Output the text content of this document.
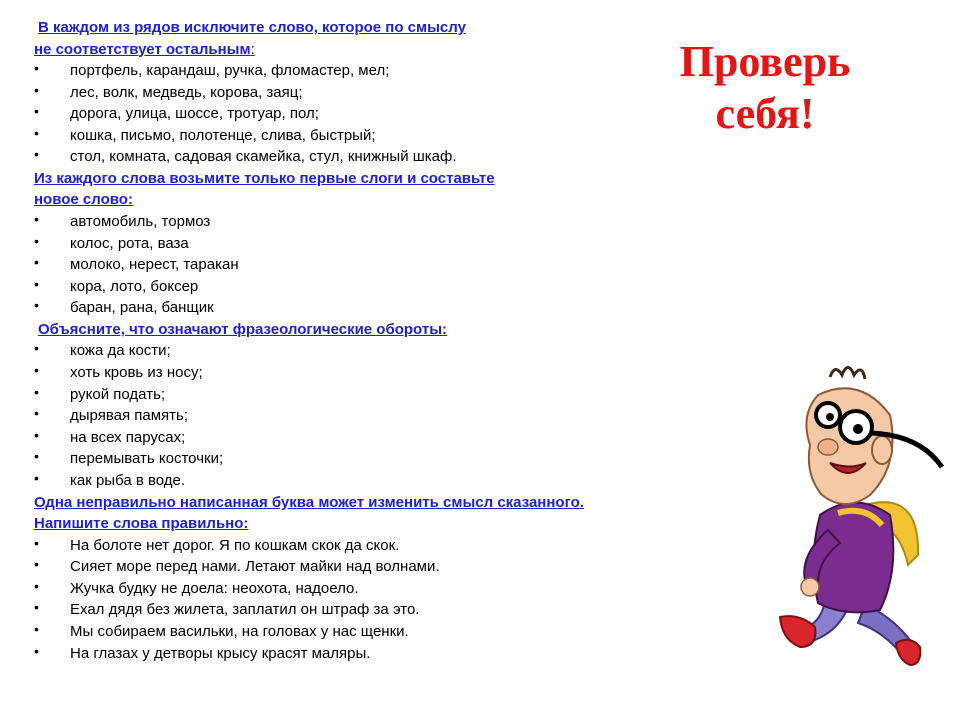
В каждом из рядов исключите слово, которое по смыслу
не соответствует остальным:
• портфель, карандаш, ручка, фломастер, мел;
• лес, волк, медведь, корова, заяц;
• дорога, улица, шоссе, тротуар, пол;
• кошка, письмо, полотенце, слива, быстрый;
• стол, комната, садовая скамейка, стул, книжный шкаф.
Из каждого слова возьмите только первые слоги и составьте
новое слово:
• автомобиль, тормоз
• колос, рота, ваза
• молоко, нерест, таракан
• кора, лото, боксер
• баран, рана, банщик
Объясните, что означают фразеологические обороты:
• кожа да кости;
• хоть кровь из носу;
• рукой подать;
• дырявая память;
• на всех парусах;
• перемывать косточки;
• как рыба в воде.
Одна неправильно написанная буква может изменить смысл сказанного.
Напишите слова правильно:
• На болоте нет дорог. Я по кошкам скок да скок.
• Сияет море перед нами. Летают майки над волнами.
• Жучка будку не доела: неохота, надоело.
• Ехал дядя без жилета, заплатил он штраф за это.
• Мы собираем васильки, на головах у нас щенки.
• На глазах у детворы крысу красят маляры.
Проверь
себя!
